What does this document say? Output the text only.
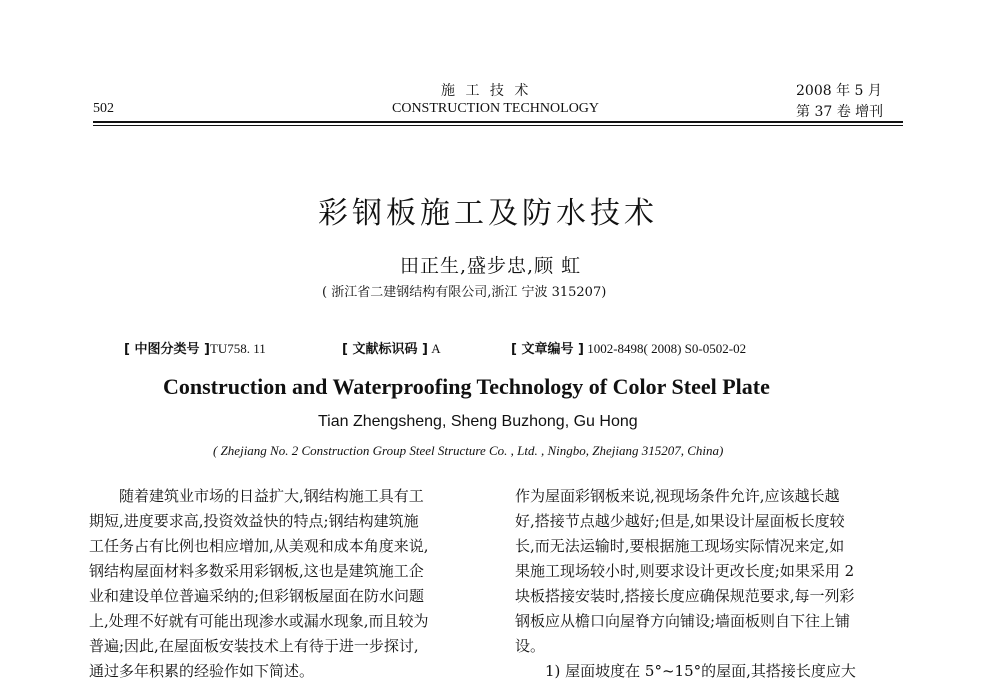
施 工 技 术
502	CONSTRUCTION TECHNOLOGY
2008 年 5 月
第 37 卷 增刊
彩钢板施工及防水技术
田正生,盛步忠,顾 虹
( 浙江省二建钢结构有限公司,浙江 宁波 315207)
[ 中图分类号 ]TU758. 11	[ 文献标识码 ] A	[ 文章编号 ] 1002-8498( 2008) S0-0502-02
Construction and Waterproofing Technology of Color Steel Plate
Tian Zhengsheng, Sheng Buzhong, Gu Hong
( Zhejiang No. 2 Construction Group Steel Structure Co. , Ltd. , Ningbo, Zhejiang 315207, China)

随着建筑业市场的日益扩大,钢结构施工具有工

期短,进度要求高,投资效益快的特点;钢结构建筑施

工任务占有比例也相应增加,从美观和成本角度来说,

钢结构屋面材料多数采用彩钢板,这也是建筑施工企

业和建设单位普遍采纳的;但彩钢板屋面在防水问题

上,处理不好就有可能出现渗水或漏水现象,而且较为

普遍;因此,在屋面板安装技术上有待于进一步探讨,

通过多年积累的经验作如下简述。

作为屋面彩钢板来说,视现场条件允许,应该越长越

好,搭接节点越少越好;但是,如果设计屋面板长度较

长,而无法运输时,要根据施工现场实际情况来定,如

果施工现场较小时,则要求设计更改长度;如果采用 2

块板搭接安装时,搭接长度应确保规范要求,每一列彩

钢板应从檐口向屋脊方向铺设;墙面板则自下往上铺

设。

1) 屋面坡度在 5°~15°的屋面,其搭接长度应大
